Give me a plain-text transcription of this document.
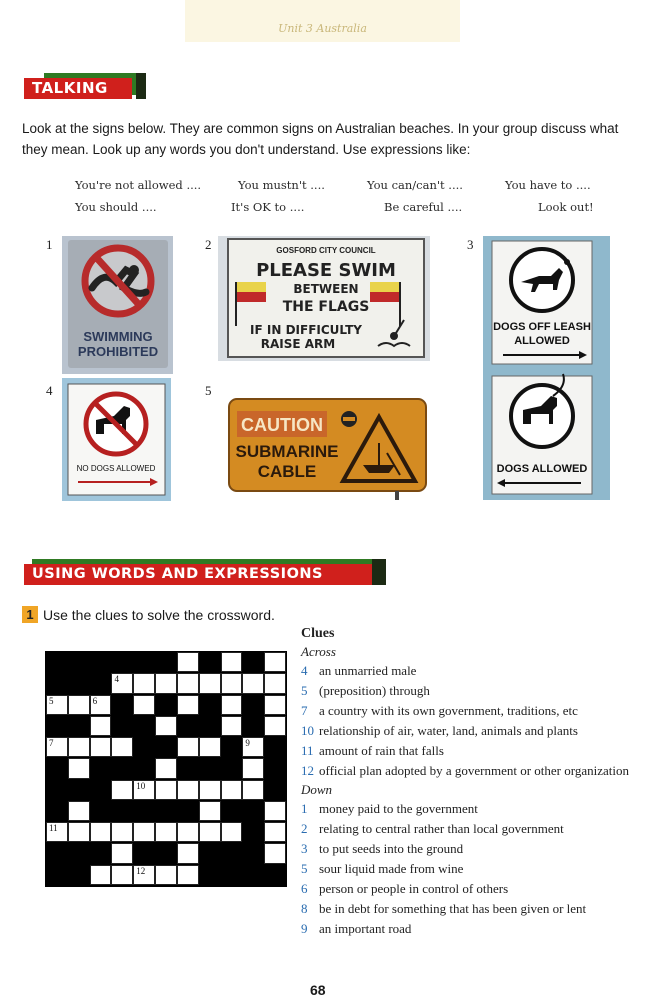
Unit 3 Australia
TALKING
Look at the signs below. They are common signs on Australian beaches. In your group discuss what they mean. Look up any words you don't understand. Use expressions like:
You're not allowed ....	You mustn't ....	You can/can't ....	You have to ....
You should ....	It's OK to ....	Be careful ....	Look out!
1	2	3
4	5
SWIMMING
PROHIBITED
GOSFORD CITY COUNCIL
PLEASE SWIM
BETWEEN
THE FLAGS
IF IN DIFFICULTY
RAISE ARM
DOGS OFF LEASH
ALLOWED
DOGS ALLOWED
NO DOGS ALLOWED
CAUTION
SUBMARINE
CABLE
USING WORDS AND EXPRESSIONS
1 Use the clues to solve the crossword.
4
5	6
7	9
10
11
12
Clues
Across
4 an unmarried male
5 (preposition) through
7 a country with its own government, traditions, etc
10 relationship of air, water, land, animals and plants
11 amount of rain that falls
12 official plan adopted by a government or other organization
Down
1 money paid to the government
2 relating to central rather than local government
3 to put seeds into the ground
5 sour liquid made from wine
6 person or people in control of others
8 be in debt for something that has been given or lent
9 an important road
68
